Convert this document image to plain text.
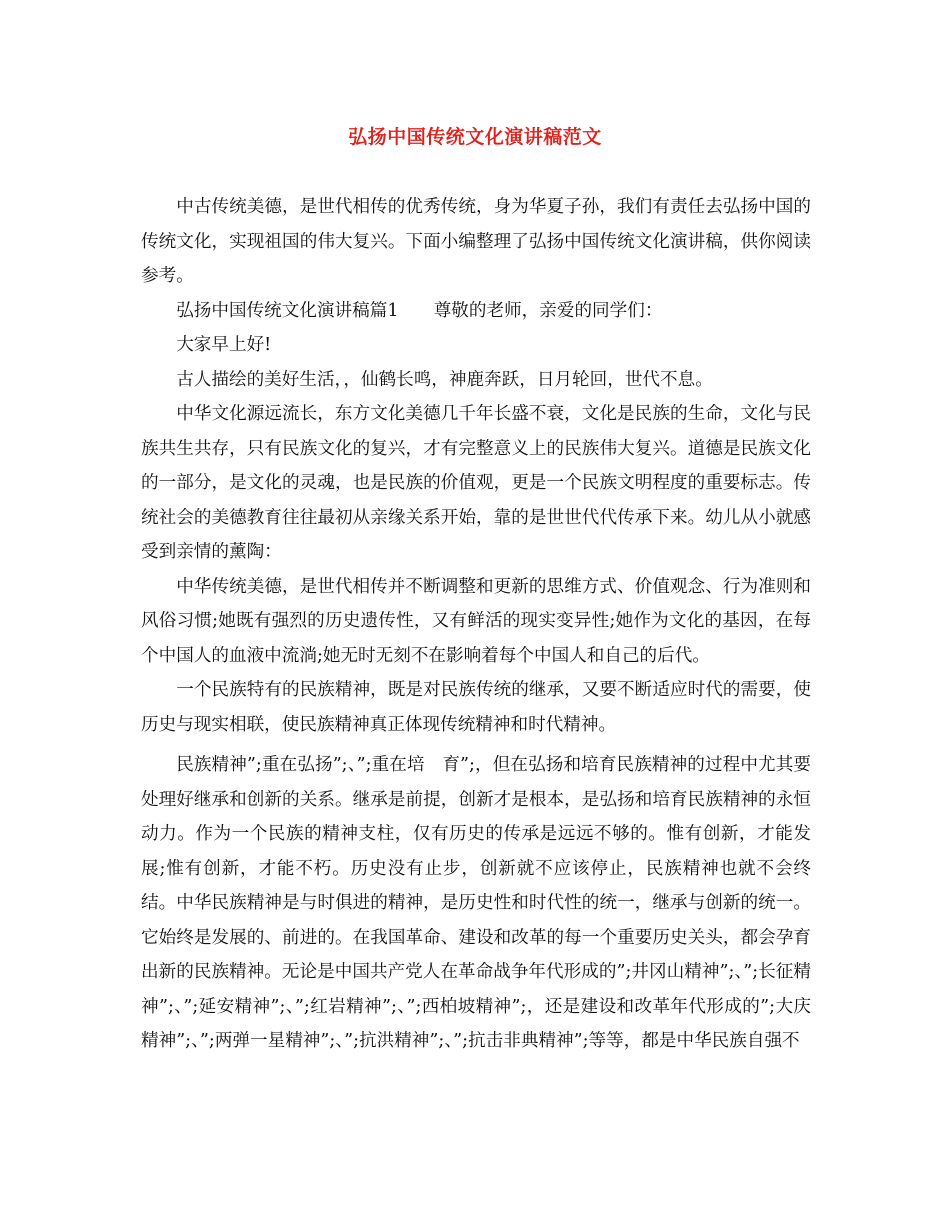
弘扬中国传统文化演讲稿范文

中古传统美德，是世代相传的优秀传统，身为华夏子孙，我们有责任去弘扬中国的传统文化，实现祖国的伟大复兴。下面小编整理了弘扬中国传统文化演讲稿，供你阅读参考。

弘扬中国传统文化演讲稿篇1　　尊敬的老师，亲爱的同学们：

大家早上好!

古人描绘的美好生活，，仙鹤长鸣，神鹿奔跃，日月轮回，世代不息。

中华文化源远流长，东方文化美德几千年长盛不衰，文化是民族的生命，文化与民族共生共存，只有民族文化的复兴，才有完整意义上的民族伟大复兴。道德是民族文化的一部分，是文化的灵魂，也是民族的价值观，更是一个民族文明程度的重要标志。传统社会的美德教育往往最初从亲缘关系开始，靠的是世世代代传承下来。幼儿从小就感受到亲情的薰陶：

中华传统美德，是世代相传并不断调整和更新的思维方式、价值观念、行为准则和风俗习惯;她既有强烈的历史遗传性，又有鲜活的现实变异性;她作为文化的基因，在每个中国人的血液中流淌;她无时无刻不在影响着每个中国人和自己的后代。

一个民族特有的民族精神，既是对民族传统的继承，又要不断适应时代的需要，使历史与现实相联，使民族精神真正体现传统精神和时代精神。

民族精神”;重在弘扬”;、”;重在培　育”;，但在弘扬和培育民族精神的过程中尤其要处理好继承和创新的关系。继承是前提，创新才是根本，是弘扬和培育民族精神的永恒动力。作为一个民族的精神支柱，仅有历史的传承是远远不够的。惟有创新，才能发展;惟有创新，才能不朽。历史没有止步，创新就不应该停止，民族精神也就不会终结。中华民族精神是与时俱进的精神，是历史性和时代性的统一，继承与创新的统一。它始终是发展的、前进的。在我国革命、建设和改革的每一个重要历史关头，都会孕育出新的民族精神。无论是中国共产党人在革命战争年代形成的”;井冈山精神”;、”;长征精神”;、”;延安精神”;、”;红岩精神”;、”;西柏坡精神”;，还是建设和改革年代形成的”;大庆精神”;、”;两弹一星精神”;、”;抗洪精神”;、”;抗击非典精神”;等等，都是中华民族自强不
